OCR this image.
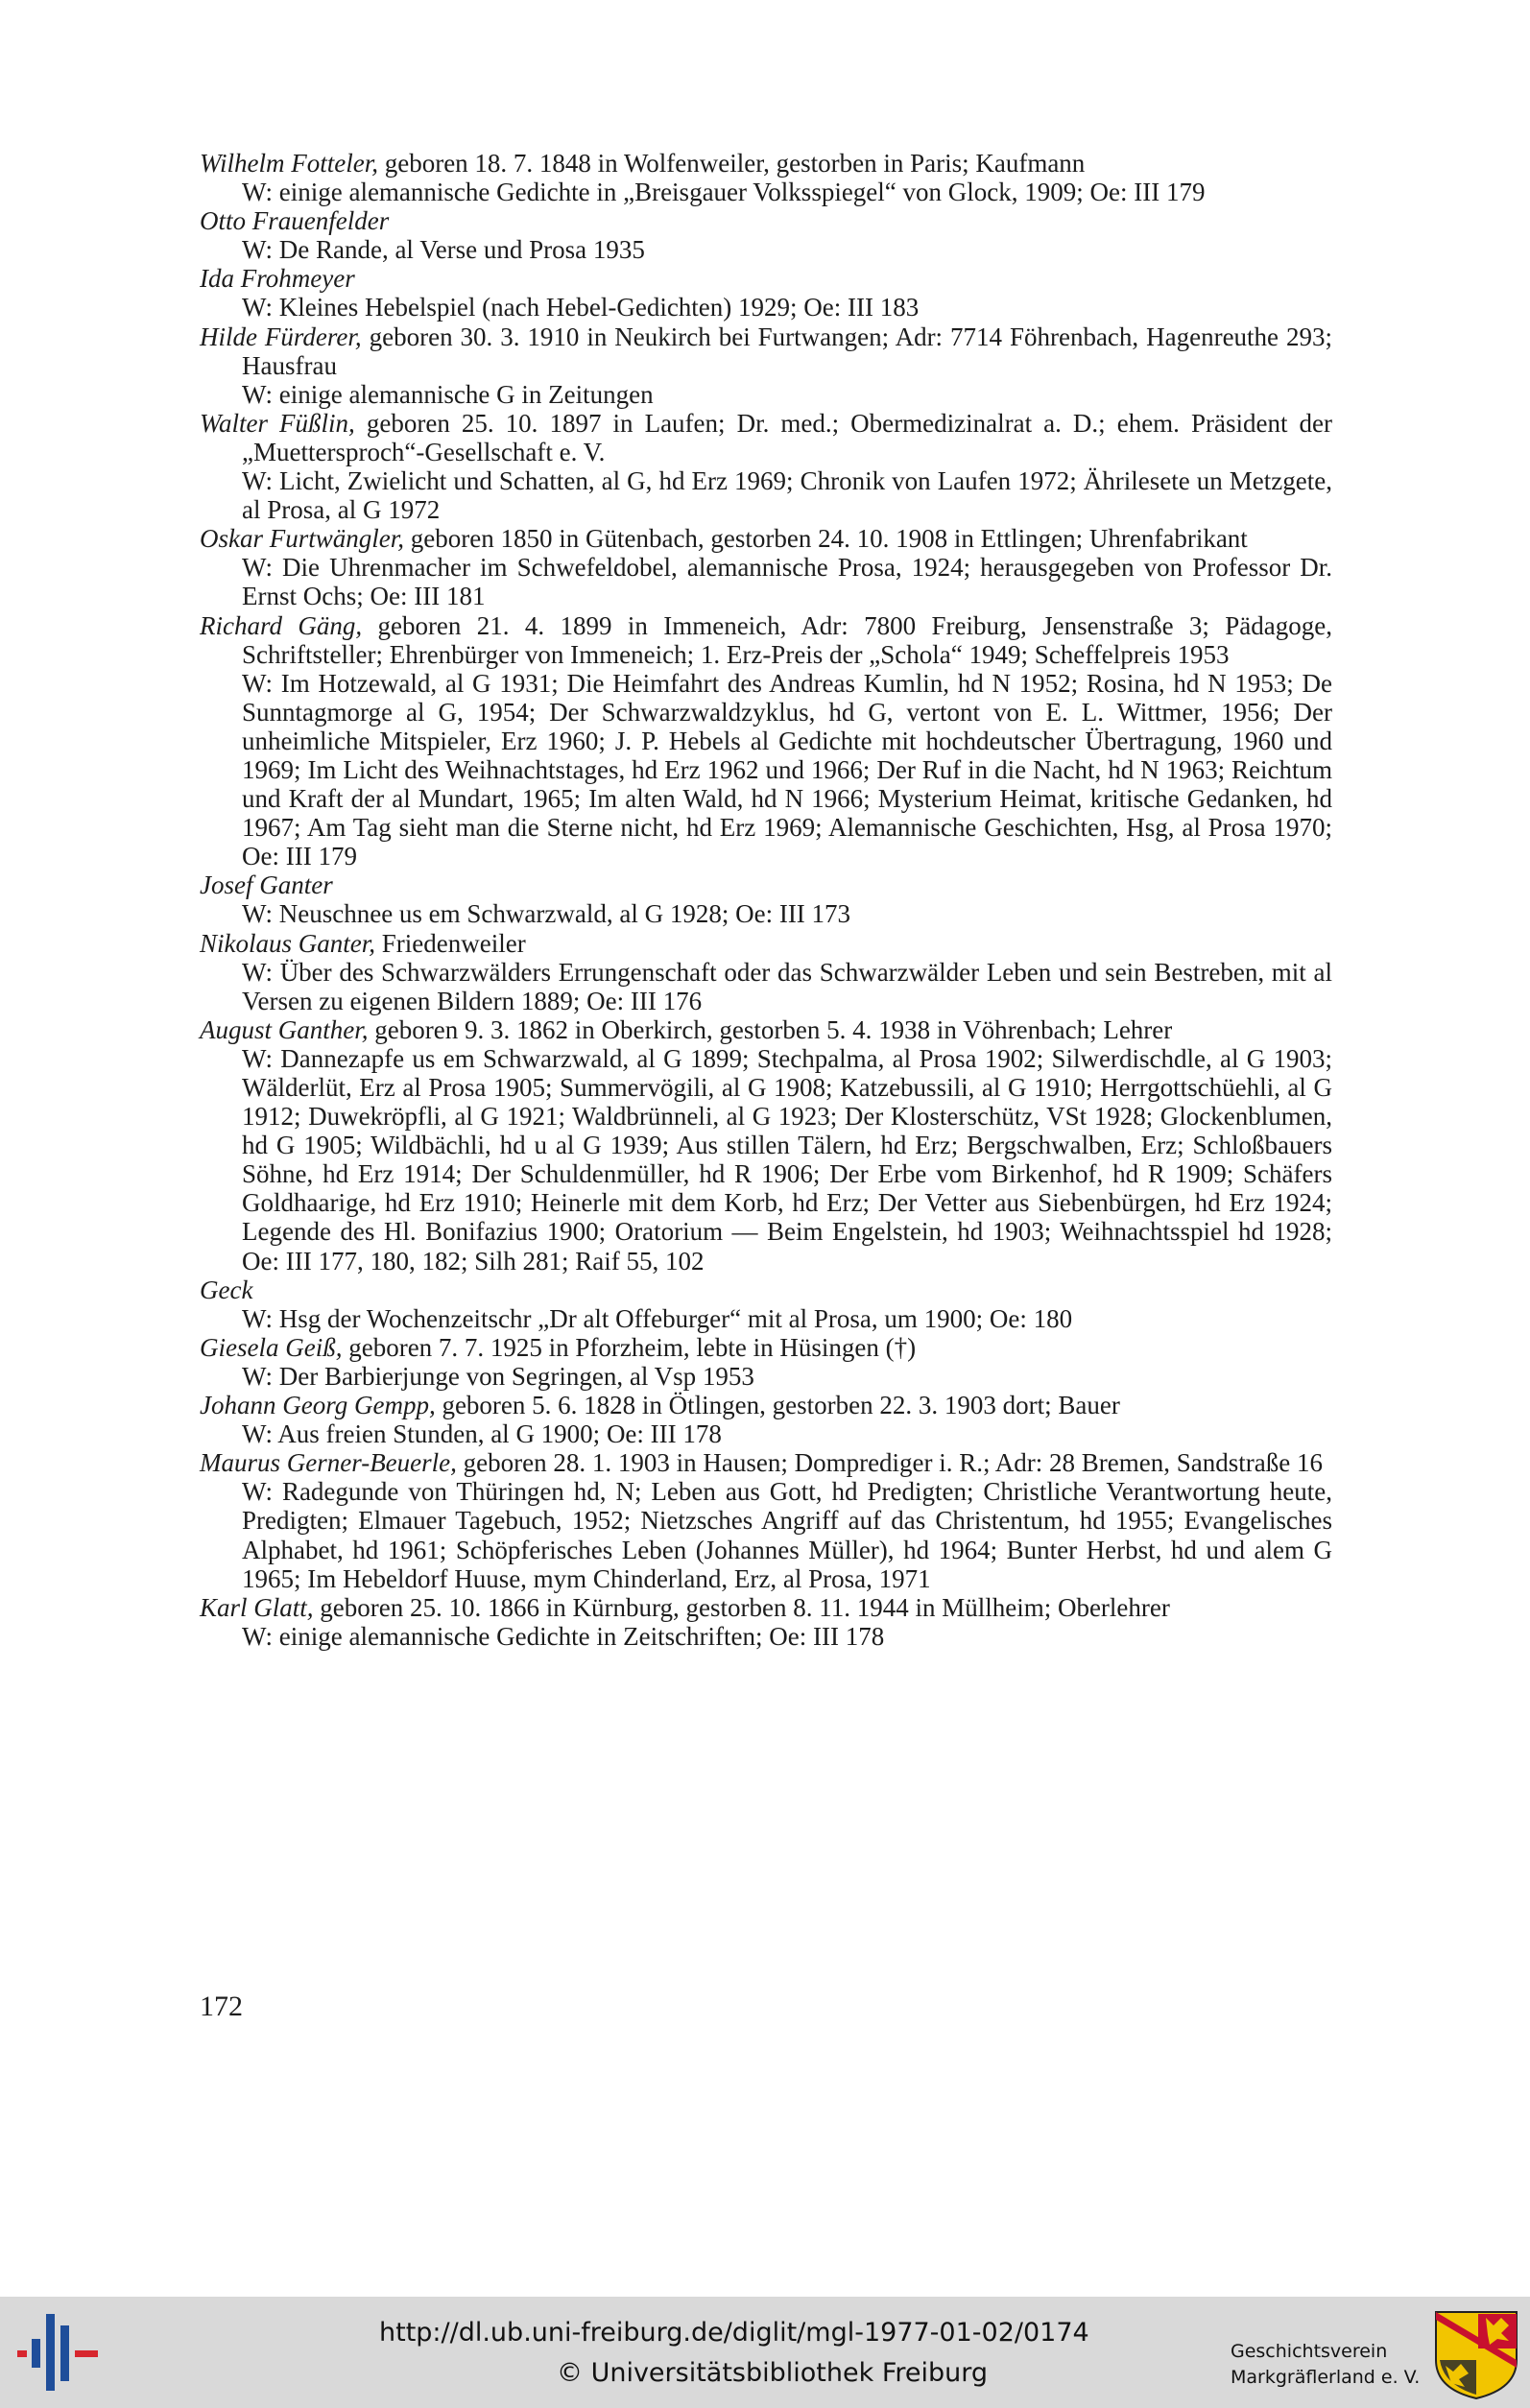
Wilhelm Fotteler, geboren 18. 7. 1848 in Wolfenweiler, gestorben in Paris; Kaufmann

W: einige alemannische Gedichte in „Breisgauer Volksspiegel“ von Glock, 1909; Oe: III 179

Otto Frauenfelder

W: De Rande, al Verse und Prosa 1935

Ida Frohmeyer

W: Kleines Hebelspiel (nach Hebel-Gedichten) 1929; Oe: III 183

Hilde Fürderer, geboren 30. 3. 1910 in Neukirch bei Furtwangen; Adr: 7714 Föhrenbach, Hagenreuthe 293; Hausfrau

W: einige alemannische G in Zeitungen

Walter Füßlin, geboren 25. 10. 1897 in Laufen; Dr. med.; Obermedizinalrat a. D.; ehem. Präsident der „Muettersproch“-Gesellschaft e. V.

W: Licht, Zwielicht und Schatten, al G, hd Erz 1969; Chronik von Laufen 1972; Ährilesete un Metzgete, al Prosa, al G 1972

Oskar Furtwängler, geboren 1850 in Gütenbach, gestorben 24. 10. 1908 in Ettlingen; Uhrenfabrikant

W: Die Uhrenmacher im Schwefeldobel, alemannische Prosa, 1924; herausgegeben von Professor Dr. Ernst Ochs; Oe: III 181

Richard Gäng, geboren 21. 4. 1899 in Immeneich, Adr: 7800 Freiburg, Jensenstraße 3; Pädagoge, Schriftsteller; Ehrenbürger von Immeneich; 1. Erz-Preis der „Schola“ 1949; Scheffelpreis 1953

W: Im Hotzewald, al G 1931; Die Heimfahrt des Andreas Kumlin, hd N 1952; Rosina, hd N 1953; De Sunntagmorge al G, 1954; Der Schwarzwaldzyklus, hd G, vertont von E. L. Wittmer, 1956; Der unheimliche Mitspieler, Erz 1960; J. P. Hebels al Gedichte mit hochdeutscher Übertragung, 1960 und 1969; Im Licht des Weihnachtstages, hd Erz 1962 und 1966; Der Ruf in die Nacht, hd N 1963; Reichtum und Kraft der al Mundart, 1965; Im alten Wald, hd N 1966; Mysterium Heimat, kritische Gedanken, hd 1967; Am Tag sieht man die Sterne nicht, hd Erz 1969; Alemannische Geschichten, Hsg, al Prosa 1970; Oe: III 179

Josef Ganter

W: Neuschnee us em Schwarzwald, al G 1928; Oe: III 173

Nikolaus Ganter, Friedenweiler

W: Über des Schwarzwälders Errungenschaft oder das Schwarzwälder Leben und sein Bestreben, mit al Versen zu eigenen Bildern 1889; Oe: III 176

August Ganther, geboren 9. 3. 1862 in Oberkirch, gestorben 5. 4. 1938 in Vöhrenbach; Lehrer

W: Dannezapfe us em Schwarzwald, al G 1899; Stechpalma, al Prosa 1902; Silwerdischdle, al G 1903; Wälderlüt, Erz al Prosa 1905; Summervögili, al G 1908; Katzebussili, al G 1910; Herrgottschüehli, al G 1912; Duwekröpfli, al G 1921; Waldbrünneli, al G 1923; Der Klosterschütz, VSt 1928; Glockenblumen, hd G 1905; Wildbächli, hd u al G 1939; Aus stillen Tälern, hd Erz; Bergschwalben, Erz; Schloßbauers Söhne, hd Erz 1914; Der Schuldenmüller, hd R 1906; Der Erbe vom Birkenhof, hd R 1909; Schäfers Goldhaarige, hd Erz 1910; Heinerle mit dem Korb, hd Erz; Der Vetter aus Siebenbürgen, hd Erz 1924; Legende des Hl. Bonifazius 1900; Oratorium — Beim Engelstein, hd 1903; Weihnachtsspiel hd 1928; Oe: III 177, 180, 182; Silh 281; Raif 55, 102

Geck

W: Hsg der Wochenzeitschr „Dr alt Offeburger“ mit al Prosa, um 1900; Oe: 180

Giesela Geiß, geboren 7. 7. 1925 in Pforzheim, lebte in Hüsingen (†)

W: Der Barbierjunge von Segringen, al Vsp 1953

Johann Georg Gempp, geboren 5. 6. 1828 in Ötlingen, gestorben 22. 3. 1903 dort; Bauer

W: Aus freien Stunden, al G 1900; Oe: III 178

Maurus Gerner-Beuerle, geboren 28. 1. 1903 in Hausen; Domprediger i. R.; Adr: 28 Bremen, Sandstraße 16

W: Radegunde von Thüringen hd, N; Leben aus Gott, hd Predigten; Christliche Verantwortung heute, Predigten; Elmauer Tagebuch, 1952; Nietzsches Angriff auf das Christentum, hd 1955; Evangelisches Alphabet, hd 1961; Schöpferisches Leben (Johannes Müller), hd 1964; Bunter Herbst, hd und alem G 1965; Im Hebeldorf Huuse, mym Chinderland, Erz, al Prosa, 1971

Karl Glatt, geboren 25. 10. 1866 in Kürnburg, gestorben 8. 11. 1944 in Müllheim; Oberlehrer

W: einige alemannische Gedichte in Zeitschriften; Oe: III 178

172
http://dl.ub.uni-freiburg.de/diglit/mgl-1977-01-02/0174
© Universitätsbibliothek Freiburg
Geschichtsverein
Markgräflerland e. V.
